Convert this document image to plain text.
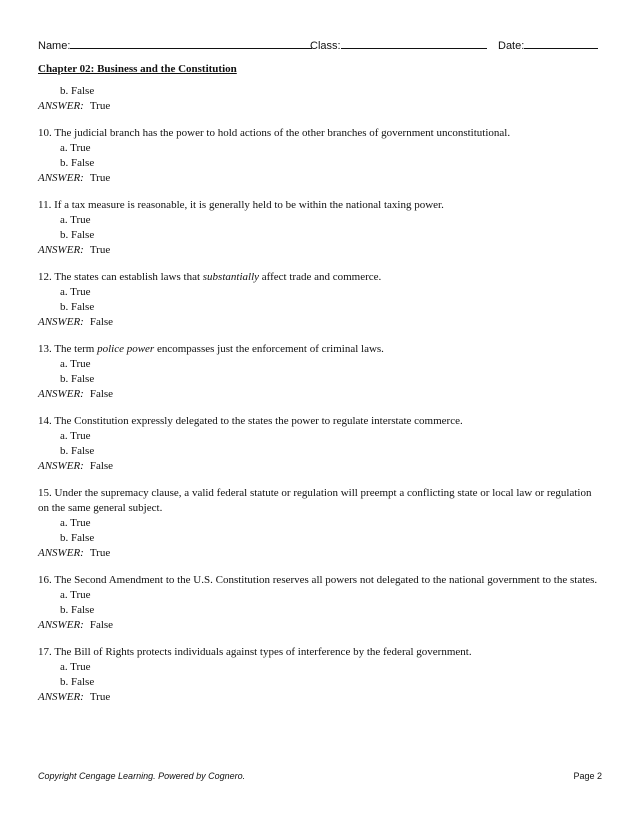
Name:	Class:	Date:
Chapter 02: Business and the Constitution
b. False
ANSWER: True
10. The judicial branch has the power to hold actions of the other branches of government unconstitutional.
a. True
b. False
ANSWER: True
11. If a tax measure is reasonable, it is generally held to be within the national taxing power.
a. True
b. False
ANSWER: True
12. The states can establish laws that substantially affect trade and commerce.
a. True
b. False
ANSWER: False
13. The term police power encompasses just the enforcement of criminal laws.
a. True
b. False
ANSWER: False
14. The Constitution expressly delegated to the states the power to regulate interstate commerce.
a. True
b. False
ANSWER: False
15. Under the supremacy clause, a valid federal statute or regulation will preempt a conflicting state or local law or regulation on the same general subject.
a. True
b. False
ANSWER: True
16. The Second Amendment to the U.S. Constitution reserves all powers not delegated to the national government to the states.
a. True
b. False
ANSWER: False
17. The Bill of Rights protects individuals against types of interference by the federal government.
a. True
b. False
ANSWER: True
Copyright Cengage Learning. Powered by Cognero.	Page 2
